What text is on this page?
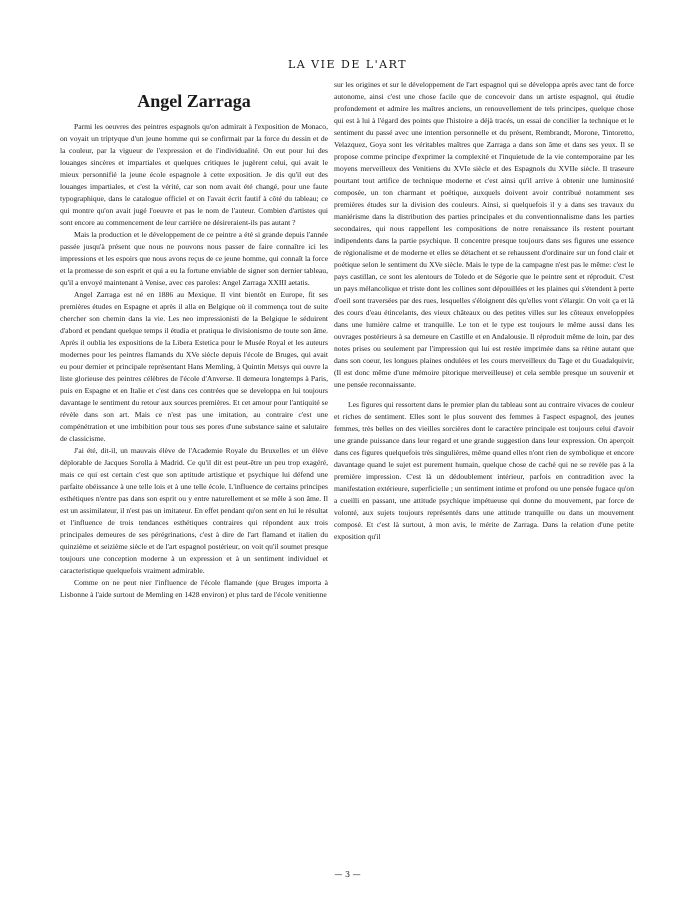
LA VIE DE L'ART
Angel Zarraga

Parmi les oeuvres des peintres espagnols qu'on admirait à l'exposition de Monaco, on voyait un triptyque d'un jeune homme qui se confirmait par la force du dessin et de la couleur, par la vigueur de l'expression et de l'individualité. On eut pour lui des louanges sincères et impartiales et quelques critiques le jugèrent celui, qui avait le mieux personnifié la jeune école espagnole à cette exposition. Je dis qu'il eut des louanges impartiales, et c'est la vérité, car son nom avait été changé, pour une faute typographique, dans le catalogue officiel et on l'avait écrit fautif à côté du tableau; ce qui montre qu'on avait jugé l'oeuvre et pas le nom de l'auteur. Combien d'artistes qui sont encore au commencement de leur carrière ne désireraient-ils pas autant ?

Mais la production et le développement de ce peintre a été si grande depuis l'année passée jusqu'à présent que nous ne pouvons nous passer de faire connaître ici les impressions et les espoirs que nous avons reçus de ce jeune homme, qui connaît la force et la promesse de son esprit et qui a eu la fortune enviable de signer son dernier tableau, qu'il a envoyé maintenant à Venise, avec ces paroles: Angel Zarraga XXIII aetatis.

Angel Zarraga est né en 1886 au Mexique. Il vint bientôt en Europe, fit ses premières études en Espagne et après il alla en Belgique où il commença tout de suite chercher son chemin dans la vie. Les neo impressionisti de la Belgique le séduirent d'abord et pendant quelque temps il étudia et pratiqua le divisionismo de toute son âme. Après il oublia les expositions de la Libera Estetica pour le Musée Royal et les auteurs modernes pour les peintres flamands du XVe siècle depuis l'école de Bruges, qui avait eu pour dernier et principale représentant Hans Memling, à Quintin Metsys qui ouvre la liste glorieuse des peintres célèbres de l'école d'Anverse. Il demeura longtemps à Paris, puis en Espagne et en Italie et c'est dans ces contrées que se developpa en lui toujours davantage le sentiment du retour aux sources premières. Et cet amour pour l'antiquité se révèle dans son art. Mais ce n'est pas une imitation, au contraire c'est une compénétration et une imbibition pour tous ses pores d'une substance saine et salutaire de classicisme.

J'ai été, dit-il, un mauvais élève de l'Academie Royale du Bruxelles et un élève déplorable de Jacques Sorolla à Madrid. Ce qu'il dit est peut-être un peu trop exagéré, mais ce qui est certain c'est que son aptitude artistique et psychique lui défend une parfaite obéissance à une telle lois et à une telle école. L'influence de certains principes esthétiques n'entre pas dans son esprit ou y entre naturellement et se mêle à son âme. Il est un assimilateur, il n'est pas un imitateur. En effet pendant qu'on sent en lui le résultat et l'influence de trois tendances esthétiques contraires qui répondent aux trois principales demeures de ses pérégrinations, c'est à dire de l'art flamand et italien du quinzième et seizième siècle et de l'art espagnol postérieur, on voit qu'il soumet presque toujours une conception moderne à un expression et à un sentiment individuel et caracteristique quelquefois vraiment admirable.

Comme on ne peut nier l'influence de l'école flamande (que Bruges importa à Lisbonne à l'aide surtout de Memling en 1428 environ) et plus tard de l'école venitienne

sur les origines et sur le développement de l'art espagnol qui se développa après avec tant de force autonome, ainsi c'est une chose facile que de concevoir dans un artiste espagnol, qui étudie profondement et admire les maîtres anciens, un renouvellement de tels principes, quelque chose qui est à lui à l'égard des points que l'histoire a déjà tracés, un essai de concilier la technique et le sentiment du passé avec une intention personnelle et du présent, Rembrandt, Morone, Tintoretto, Velazquez, Goya sont les véritables maîtres que Zarraga a dans son âme et dans ses yeux. Il se propose comme principe d'exprimer la complexité et l'inquietude de la vie contemporaine par les moyens merveilleux des Venitiens du XVIe siècle et des Espagnols du XVIIe siècle. Il traseure pourtant tout artifice de technique moderne et c'est ainsi qu'il arrive à obtenir une luminosité composée, un ton charmant et poétique, auxquels doivent avoir contribué notamment ses premières études sur la division des couleurs. Ainsi, si quelquefois il y a dans ses travaux du maniérisme dans la distribution des parties principales et du conventionnalisme dans les parties secondaires, qui nous rappellent les compositions de notre renaissance ils restent pourtant indipendents dans la partie psychique. Il concentre presque toujours dans ses figures une essence de régionalisme et de moderne et elles se détachent et se rehaussent d'ordinaire sur un fond clair et poétique selon le sentiment du XVe siècle. Mais le type de la campagne n'est pas le même: c'est le pays castillan, ce sont les alentours de Toledo et de Ségorie que le peintre sent et réproduit. C'est un pays mélancolique et triste dont les collines sont dépouillées et les plaines qui s'étendent à perte d'oeil sont traversées par des rues, lesquelles s'éloignent dès qu'elles vont s'élargir. On voit ça et là des cours d'eau étincelants, des vieux châteaux ou des petites villes sur les côteaux enveloppées dans une lumière calme et tranquille. Le ton et le type est toujours le même aussi dans les ouvrages postérieurs à sa demeure en Castille et en Andalousie. Il réproduit même de loin, par des notes prises ou seulement par l'impression qui lui est restée imprimée dans sa rétine autant que dans son coeur, les longues plaines ondulées et les cours merveilleux du Tage et du Guadalquivir, (Il est donc même d'une mémoire pitorique merveilleuse) et cela semble presque un souvenir et une pensée reconnaissante.

Les figures qui ressortent dans le premier plan du tableau sont au contraire vivaces de couleur et riches de sentiment. Elles sont le plus souvent des femmes à l'aspect espagnol, des jeunes femmes, très belles on des vieilles sorcières dont le caractère principale est toujours celui d'avoir une grande puissance dans leur regard et une grande suggestion dans leur expression. On aperçoit dans ces figures quelquefois très singulières, même quand elles n'ont rien de symbolique et encore davantage quand le sujet est purement humain, quelque chose de caché qui ne se revèle pas à la première impression. C'est là un dédoublement intérieur, parfois en contradition avec la manifestation extérieure, superficielle ; un sentiment intime et profond ou une pensée fugace qu'on a cueilli en passant, une attitude psychique impétueuse qui donne du mouvement, par force de volonté, aux sujets toujours représentés dans une attitude tranquille ou dans un mouvement composé. Et c'est là surtout, à mon avis, le mérite de Zarraga. Dans la relation d'une petite exposition qu'il

— 3 —
